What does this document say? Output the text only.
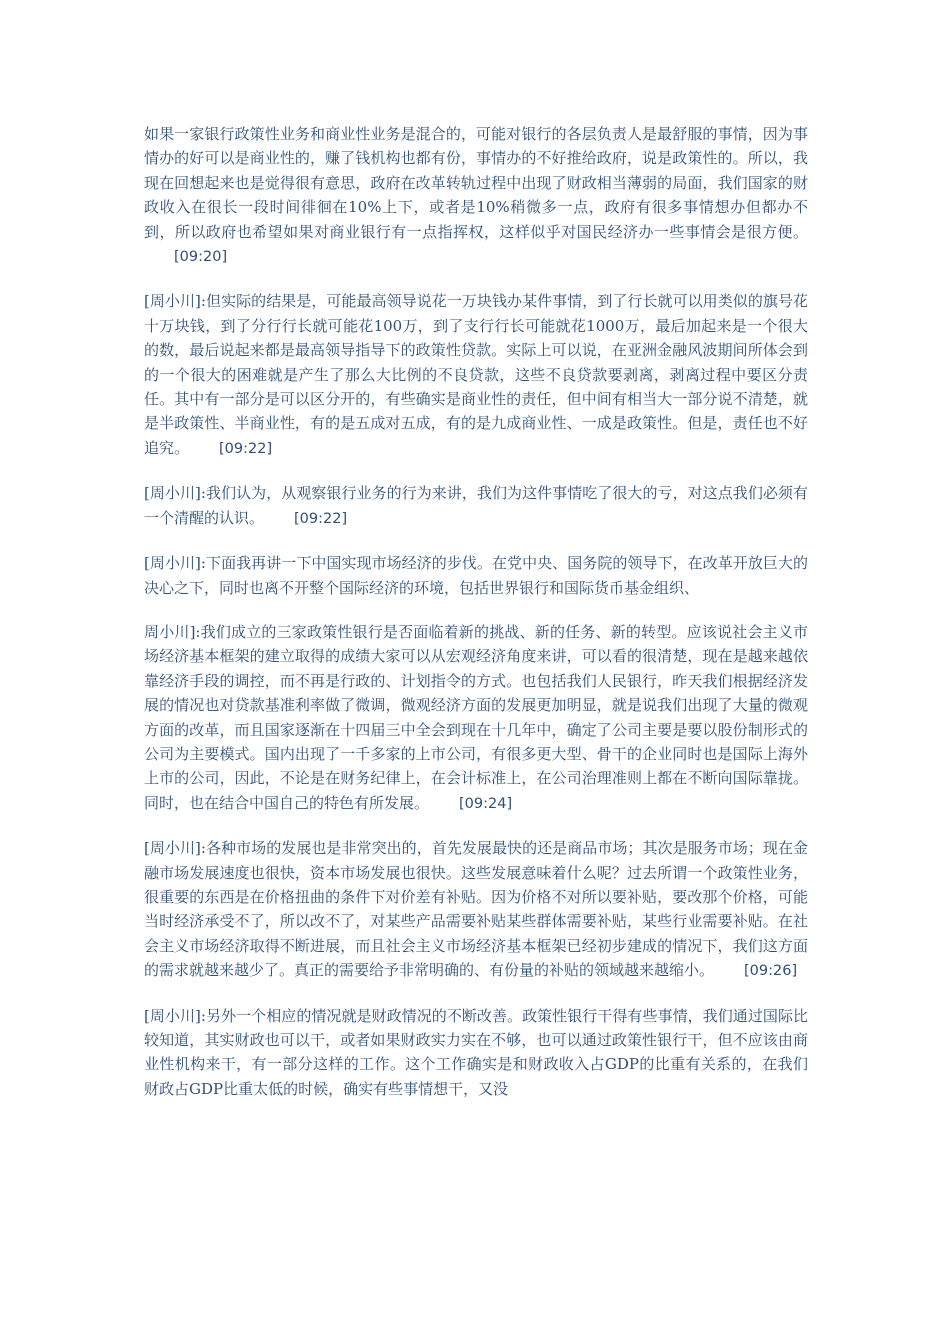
如果一家银行政策性业务和商业性业务是混合的，可能对银行的各层负责人是最舒服的事情，因为事情办的好可以是商业性的，赚了钱机构也都有份，事情办的不好推给政府，说是政策性的。所以，我现在回想起来也是觉得很有意思，政府在改革转轨过程中出现了财政相当薄弱的局面，我们国家的财政收入在很长一段时间徘徊在10%上下，或者是10%稍微多一点，政府有很多事情想办但都办不到，所以政府也希望如果对商业银行有一点指挥权，这样似乎对国民经济办一些事情会是很方便。[09:20]

[周小川]:但实际的结果是，可能最高领导说花一万块钱办某件事情，到了行长就可以用类似的旗号花十万块钱，到了分行行长就可能花100万，到了支行行长可能就花1000万，最后加起来是一个很大的数，最后说起来都是最高领导指导下的政策性贷款。实际上可以说，在亚洲金融风波期间所体会到的一个很大的困难就是产生了那么大比例的不良贷款，这些不良贷款要剥离，剥离过程中要区分责任。其中有一部分是可以区分开的，有些确实是商业性的责任，但中间有相当大一部分说不清楚，就是半政策性、半商业性，有的是五成对五成，有的是九成商业性、一成是政策性。但是，责任也不好追究。 [09:22]

[周小川]:我们认为，从观察银行业务的行为来讲，我们为这件事情吃了很大的亏，对这点我们必须有一个清醒的认识。 [09:22]

[周小川]:下面我再讲一下中国实现市场经济的步伐。在党中央、国务院的领导下，在改革开放巨大的决心之下，同时也离不开整个国际经济的环境，包括世界银行和国际货币基金组织、

周小川]:我们成立的三家政策性银行是否面临着新的挑战、新的任务、新的转型。应该说社会主义市场经济基本框架的建立取得的成绩大家可以从宏观经济角度来讲，可以看的很清楚，现在是越来越依靠经济手段的调控，而不再是行政的、计划指令的方式。也包括我们人民银行，昨天我们根据经济发展的情况也对贷款基准利率做了微调，微观经济方面的发展更加明显，就是说我们出现了大量的微观方面的改革，而且国家逐渐在十四届三中全会到现在十几年中，确定了公司主要是要以股份制形式的公司为主要模式。国内出现了一千多家的上市公司，有很多更大型、骨干的企业同时也是国际上海外上市的公司，因此，不论是在财务纪律上，在会计标准上，在公司治理准则上都在不断向国际靠拢。同时，也在结合中国自己的特色有所发展。 [09:24]

[周小川]:各种市场的发展也是非常突出的，首先发展最快的还是商品市场；其次是服务市场；现在金融市场发展速度也很快，资本市场发展也很快。这些发展意味着什么呢？过去所谓一个政策性业务，很重要的东西是在价格扭曲的条件下对价差有补贴。因为价格不对所以要补贴，要改那个价格，可能当时经济承受不了，所以改不了，对某些产品需要补贴某些群体需要补贴，某些行业需要补贴。在社会主义市场经济取得不断进展，而且社会主义市场经济基本框架已经初步建成的情况下，我们这方面的需求就越来越少了。真正的需要给予非常明确的、有份量的补贴的领域越来越缩小。 [09:26]

[周小川]:另外一个相应的情况就是财政情况的不断改善。政策性银行干得有些事情，我们通过国际比较知道，其实财政也可以干，或者如果财政实力实在不够，也可以通过政策性银行干，但不应该由商业性机构来干，有一部分这样的工作。这个工作确实是和财政收入占GDP的比重有关系的，在我们财政占GDP比重太低的时候，确实有些事情想干，又没
